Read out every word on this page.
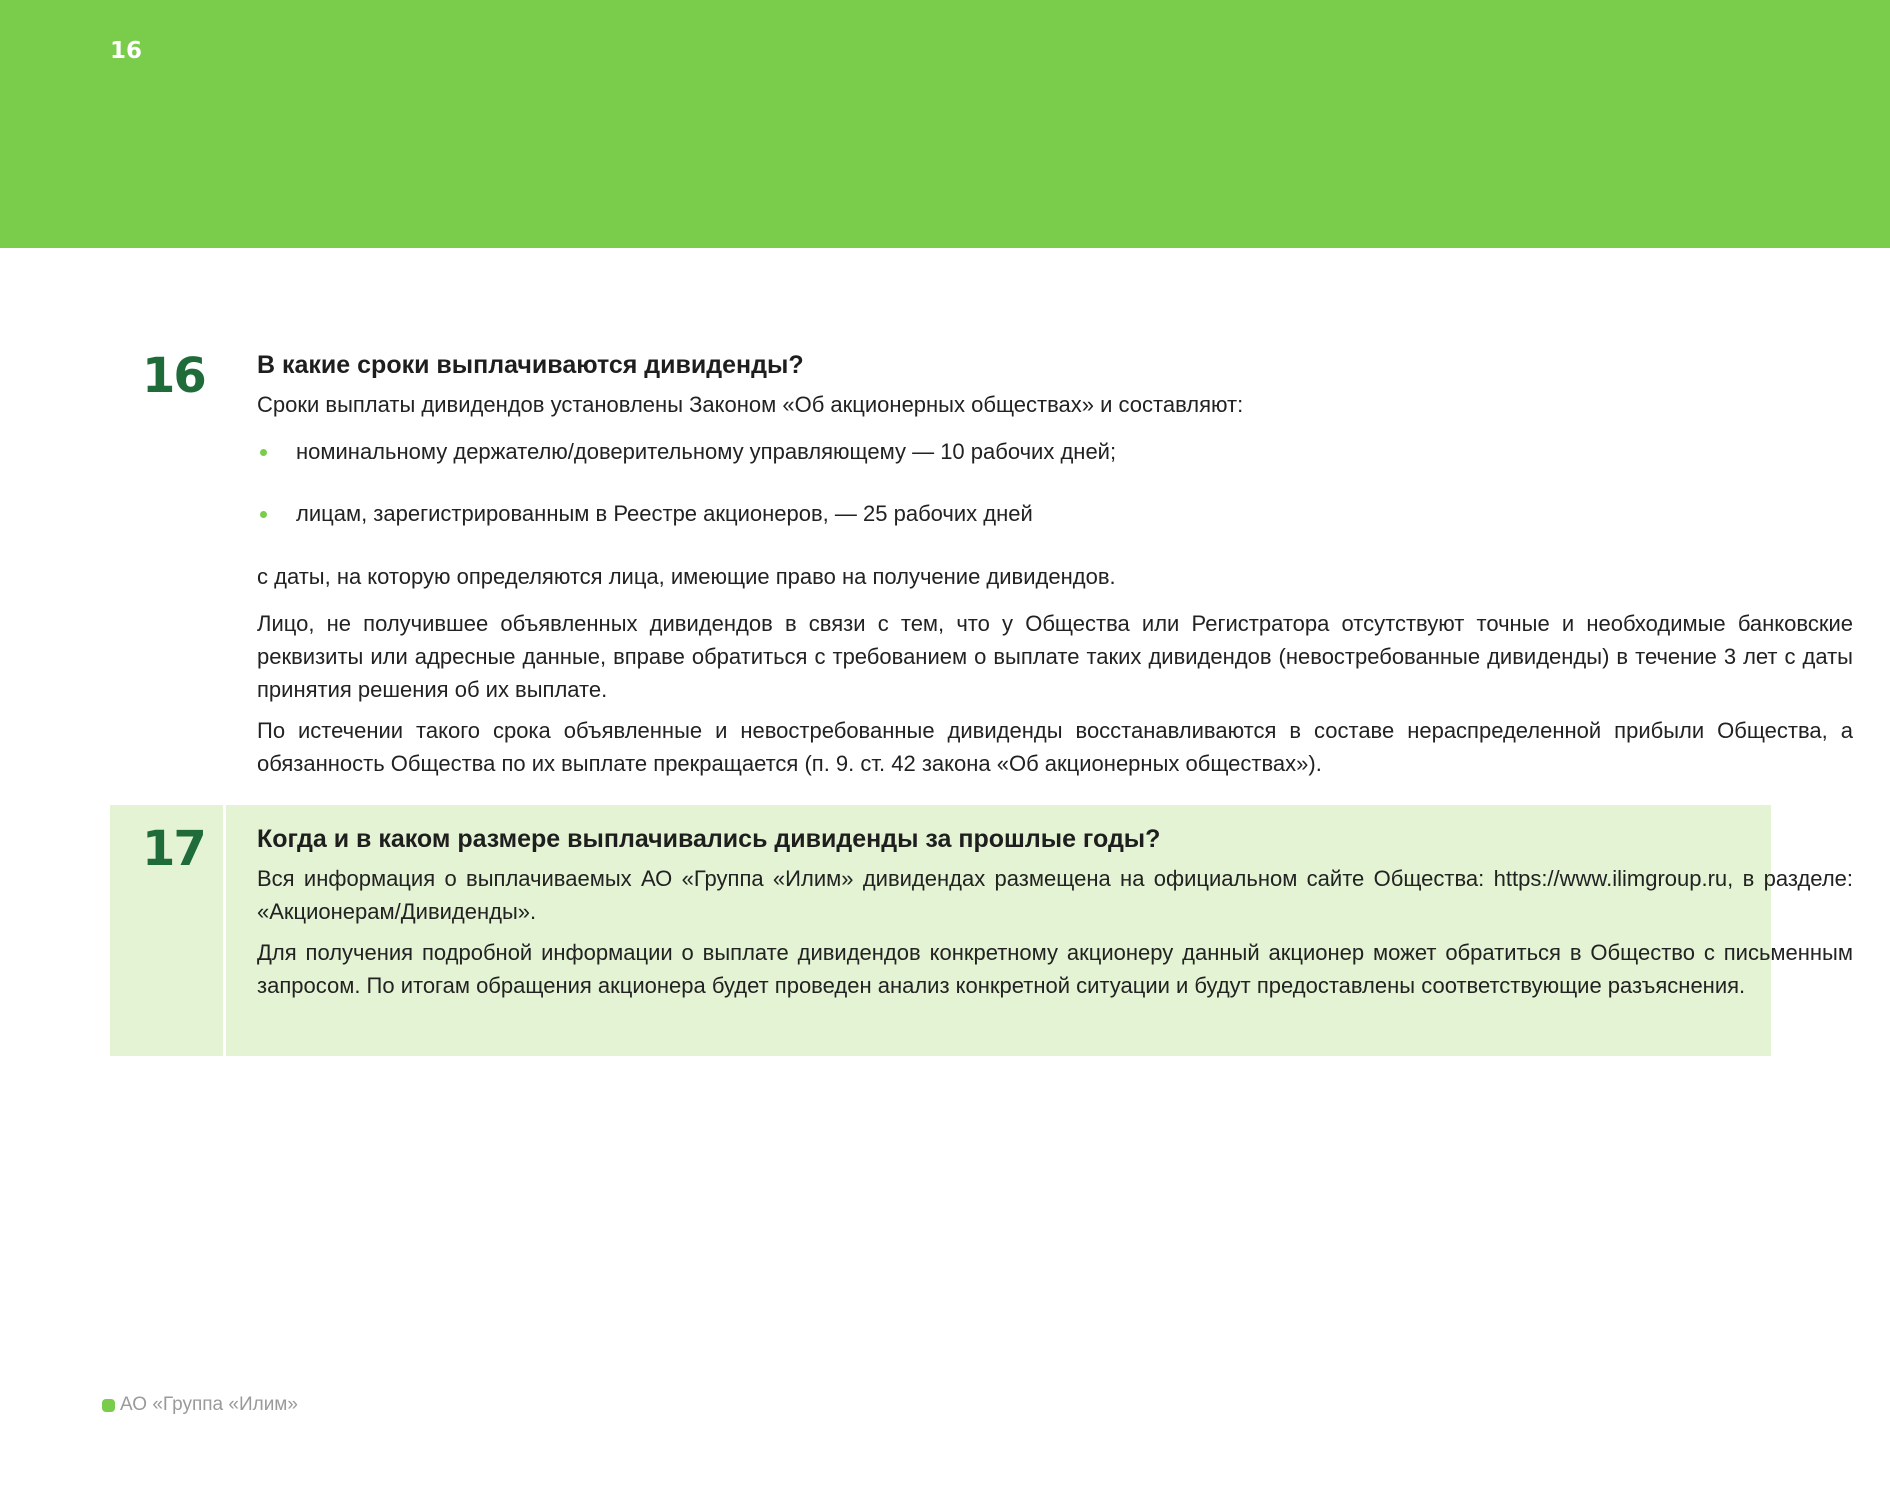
16
16 В какие сроки выплачиваются дивиденды?

Сроки выплаты дивидендов установлены Законом «Об акционерных обществах» и составляют:

номинальному держателю/доверительному управляющему — 10 рабочих дней;
лицам, зарегистрированным в Реестре акционеров, — 25 рабочих дней

с даты, на которую определяются лица, имеющие право на получение дивидендов.

Лицо, не получившее объявленных дивидендов в связи с тем, что у Общества или Регистратора отсутствуют точные и необходимые банковские реквизиты или адресные данные, вправе обратиться с требованием о выплате таких дивидендов (невостребованные дивиденды) в течение 3 лет с даты принятия решения об их выплате.

По истечении такого срока объявленные и невостребованные дивиденды восстанавливаются в составе нераспределенной прибыли Общества, а обязанность Общества по их выплате прекращается (п. 9. ст. 42 закона «Об акционерных обществах»).

17 Когда и в каком размере выплачивались дивиденды за прошлые годы?

Вся информация о выплачиваемых АО «Группа «Илим» дивидендах размещена на официальном сайте Общества: https://www.ilimgroup.ru, в разделе: «Акционерам/Дивиденды».

Для получения подробной информации о выплате дивидендов конкретному акционеру данный акционер может обратиться в Общество с письменным запросом. По итогам обращения акционера будет проведен анализ конкретной ситуации и будут предоставлены соответствующие разъяснения.

АО «Группа «Илим»
